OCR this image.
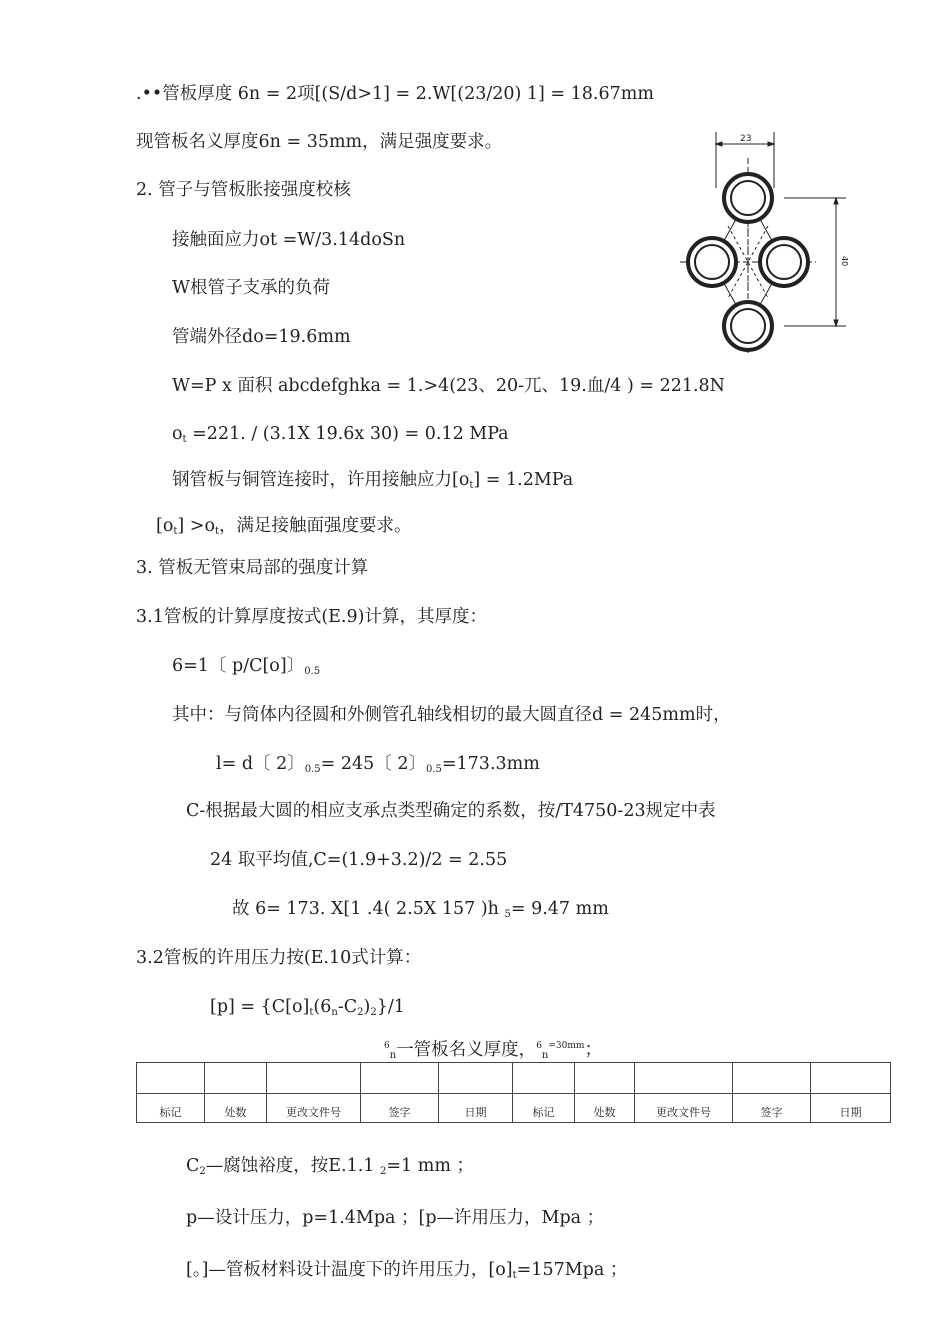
.••管板厚度 6n = 2项[(S/d>1] = 2.W[(23/20) 1] = 18.67mm
现管板名义厚度6n = 35mm，满足强度要求。
2. 管子与管板胀接强度校核
接触面应力ot =W/3.14doSn
W根管子支承的负荷
管端外径do=19.6mm
W=P x 面积 abcdefghka = 1.>4(23、20-兀、19.血/4 ) = 221.8N
$o_t =221$. / (3.1X 19.6x 30) = 0.12 MPa
钢管板与铜管连接时，许用接触应力$[o_t] = 1.2MPa$
$[o_t] >o_t$，满足接触面强度要求。
3. 管板无管束局部的强度计算
3.1管板的计算厚度按式(E.9)计算，其厚度：
6=1〔 p/C[o]〕$_{0.5}$
其中：与筒体内径圆和外侧管孔轴线相切的最大圆直径d = 245mm时，
l= d〔 2〕$_{0.5}$= 245〔 2〕$_{0.5}$=173.3mm
C-根据最大圆的相应支承点类型确定的系数，按/T4750-23规定中表
24 取平均值,C=(1.9+3.2)/2 = 2.55
故 6= 173. X[1 .4( 2.5X 157 )h $_5$= 9.47 mm
3.2管板的许用压力按(E.10式计算：
$[p] = \{C[o]_t(6_n-C_2)_2\}/1$
$^6_n$一管板名义厚度，$^6_n^{=30mm}$；
23
40

标记	处数	更改文件号	签字	日期	标记	处数	更改文件号	签字	日期
$C_2—$腐蚀裕度，按E.1.1 $_2$=1 mm ；
p—设计压力，p=1.4Mpa ；[p—许用压力，Mpa ；
[。]—管板材料设计温度下的许用压力，$[o]_t=157Mpa$ ；
